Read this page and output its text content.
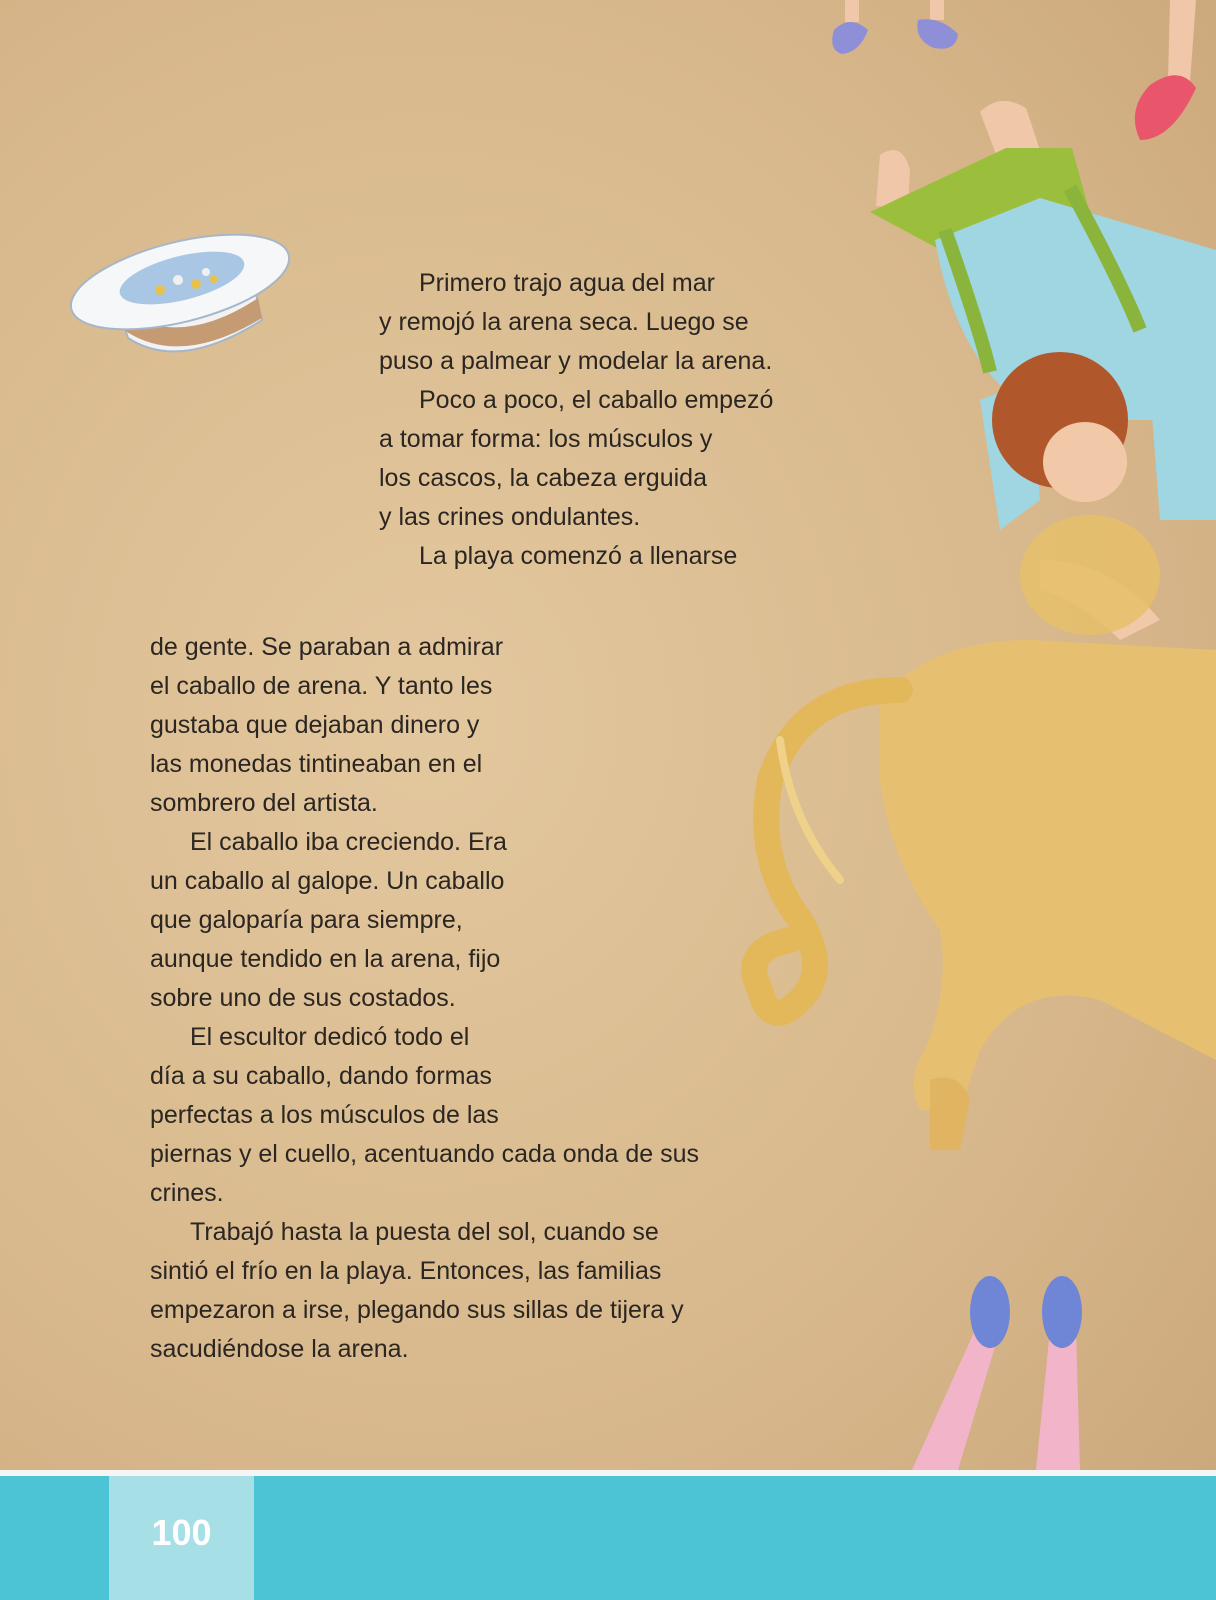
Primero trajo agua del mar

y remojó la arena seca. Luego se

puso a palmear y modelar la arena.

Poco a poco, el caballo empezó

a tomar forma: los músculos y

los cascos, la cabeza erguida

y las crines ondulantes.

La playa comenzó a llenarse

de gente. Se paraban a admirar

el caballo de arena. Y tanto les

gustaba que dejaban dinero y

las monedas tintineaban en el

sombrero del artista.

El caballo iba creciendo. Era

un caballo al galope. Un caballo

que galoparía para siempre,

aunque tendido en la arena, fijo

sobre uno de sus costados.

El escultor dedicó todo el

día a su caballo, dando formas

perfectas a los músculos de las

piernas y el cuello, acentuando cada onda de sus

crines.

Trabajó hasta la puesta del sol, cuando se

sintió el frío en la playa. Entonces, las familias

empezaron a irse, plegando sus sillas de tijera y

sacudiéndose la arena.

100
